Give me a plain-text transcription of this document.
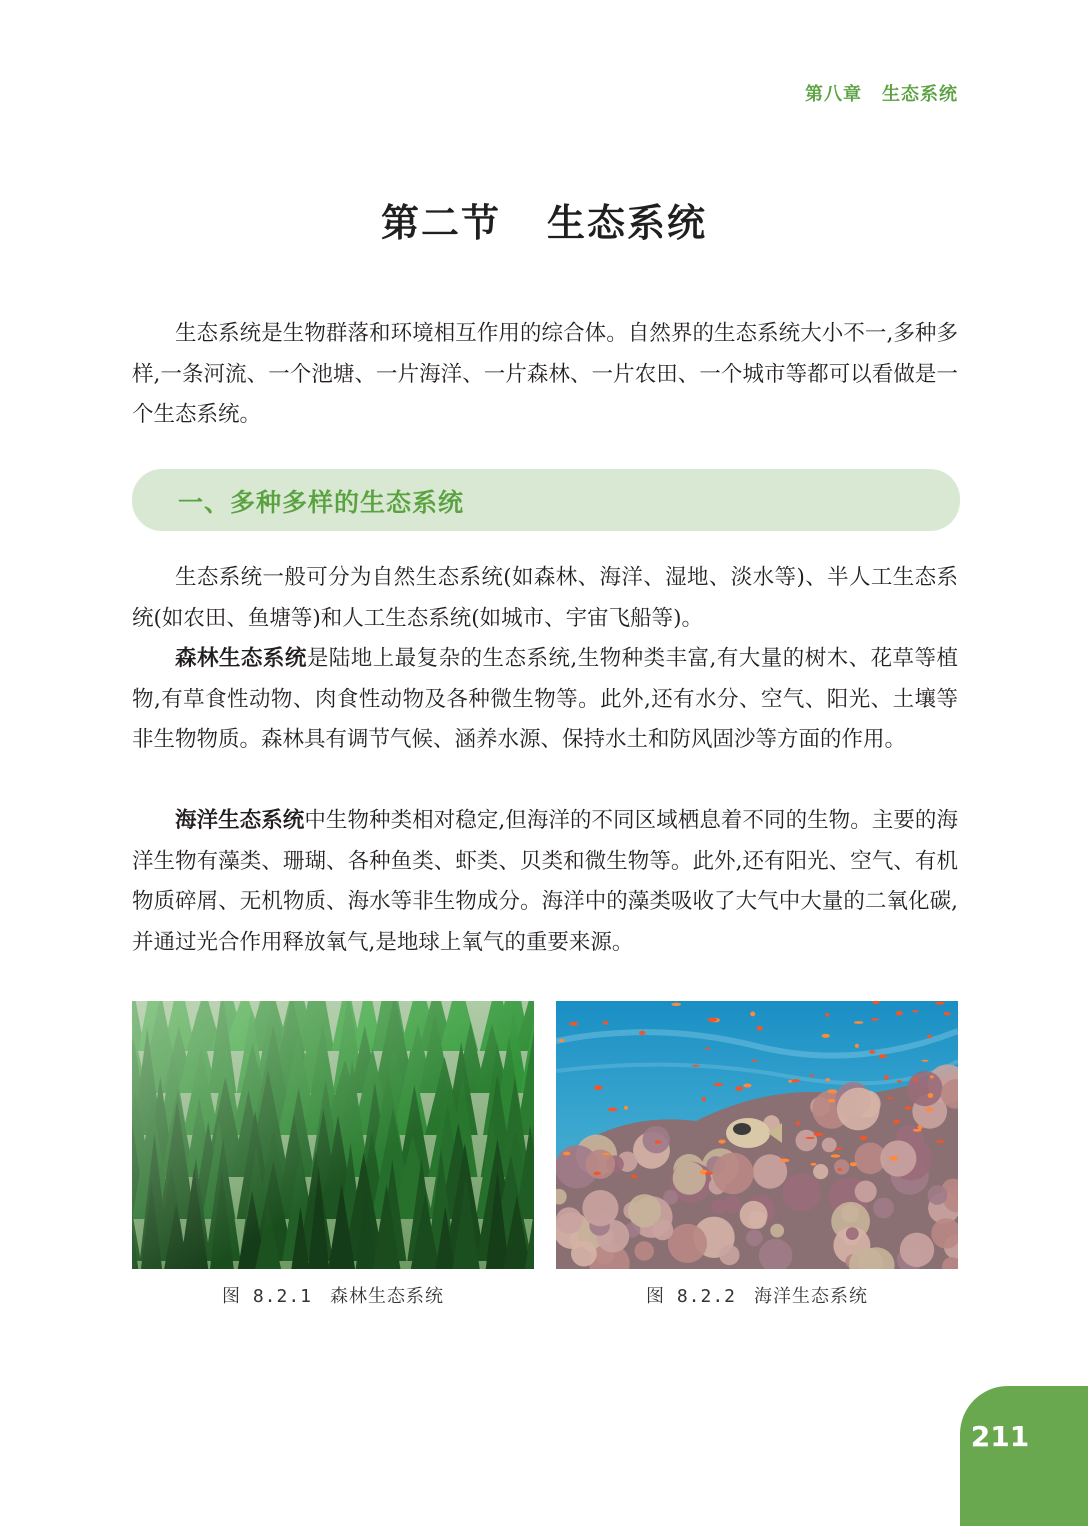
第八章 生态系统
第二节 生态系统

生态系统是生物群落和环境相互作用的综合体。自然界的生态系统大小不一,多种多样,一条河流、一个池塘、一片海洋、一片森林、一片农田、一个城市等都可以看做是一个生态系统。

一、多种多样的生态系统

生态系统一般可分为自然生态系统(如森林、海洋、湿地、淡水等)、半人工生态系统(如农田、鱼塘等)和人工生态系统(如城市、宇宙飞船等)。

森林生态系统是陆地上最复杂的生态系统,生物种类丰富,有大量的树木、花草等植物,有草食性动物、肉食性动物及各种微生物等。此外,还有水分、空气、阳光、土壤等非生物物质。森林具有调节气候、涵养水源、保持水土和防风固沙等方面的作用。

海洋生态系统中生物种类相对稳定,但海洋的不同区域栖息着不同的生物。主要的海洋生物有藻类、珊瑚、各种鱼类、虾类、贝类和微生物等。此外,还有阳光、空气、有机物质碎屑、无机物质、海水等非生物成分。海洋中的藻类吸收了大气中大量的二氧化碳,并通过光合作用释放氧气,是地球上氧气的重要来源。

图 8.2.1 森林生态系统	图 8.2.2 海洋生态系统
211
